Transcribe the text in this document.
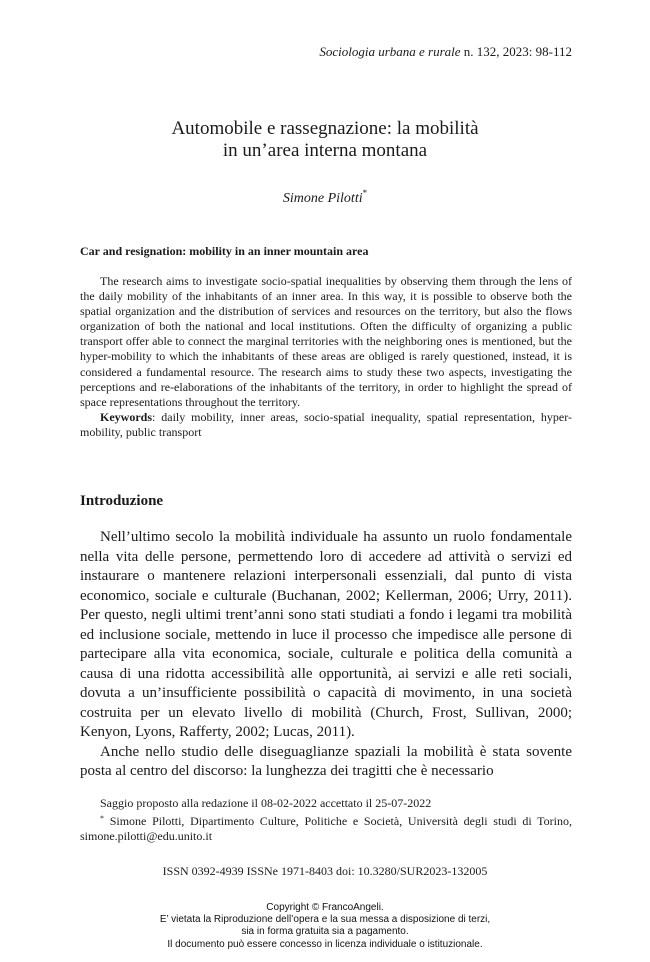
Sociologia urbana e rurale n. 132, 2023: 98-112
Automobile e rassegnazione: la mobilità
in un’area interna montana
Simone Pilotti*
Car and resignation: mobility in an inner mountain area

The research aims to investigate socio-spatial inequalities by observing them through the lens of the daily mobility of the inhabitants of an inner area. In this way, it is possible to observe both the spatial organization and the distribution of services and resources on the territory, but also the flows organization of both the national and local institutions. Often the difficulty of organizing a public transport offer able to connect the marginal territories with the neighboring ones is mentioned, but the hyper-mobility to which the inhabitants of these areas are obliged is rarely questioned, instead, it is considered a fundamental resource. The research aims to study these two aspects, investigating the perceptions and re-elaborations of the inhabitants of the territory, in order to highlight the spread of space representations throughout the territory.

Keywords: daily mobility, inner areas, socio-spatial inequality, spatial representation, hyper-mobility, public transport

Introduzione

Nell’ultimo secolo la mobilità individuale ha assunto un ruolo fondamentale nella vita delle persone, permettendo loro di accedere ad attività o servizi ed instaurare o mantenere relazioni interpersonali essenziali, dal punto di vista economico, sociale e culturale (Buchanan, 2002; Kellerman, 2006; Urry, 2011). Per questo, negli ultimi trent’anni sono stati studiati a fondo i legami tra mobilità ed inclusione sociale, mettendo in luce il processo che impedisce alle persone di partecipare alla vita economica, sociale, culturale e politica della comunità a causa di una ridotta accessibilità alle opportunità, ai servizi e alle reti sociali, dovuta a un’insufficiente possibilità o capacità di movimento, in una società costruita per un elevato livello di mobilità (Church, Frost, Sullivan, 2000; Kenyon, Lyons, Rafferty, 2002; Lucas, 2011).

Anche nello studio delle diseguaglianze spaziali la mobilità è stata sovente posta al centro del discorso: la lunghezza dei tragitti che è necessario

Saggio proposto alla redazione il 08-02-2022 accettato il 25-07-2022

* Simone Pilotti, Dipartimento Culture, Politiche e Società, Università degli studi di Torino, simone.pilotti@edu.unito.it

ISSN 0392-4939 ISSNe 1971-8403 doi: 10.3280/SUR2023-132005
Copyright © FrancoAngeli.
E’ vietata la Riproduzione dell’opera e la sua messa a disposizione di terzi,
sia in forma gratuita sia a pagamento.
Il documento può essere concesso in licenza individuale o istituzionale.
